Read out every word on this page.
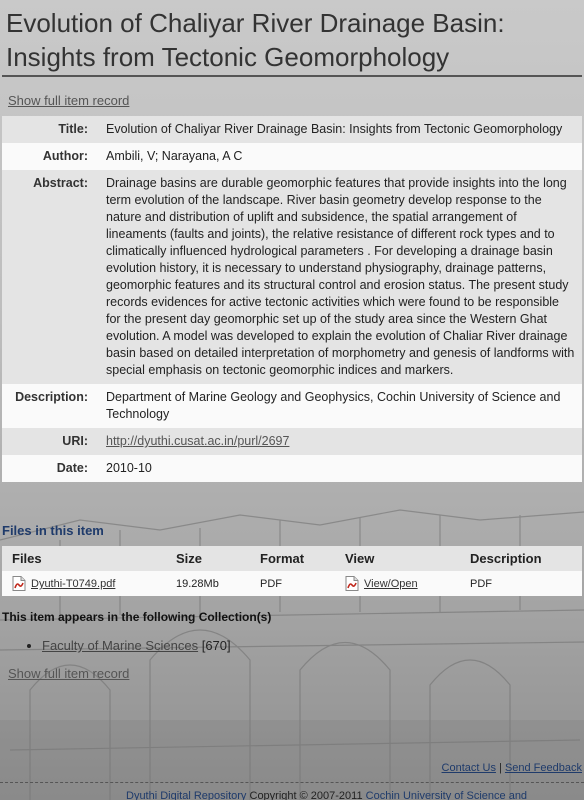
Evolution of Chaliyar River Drainage Basin: Insights from Tectonic Geomorphology
Show full item record
Title:	Evolution of Chaliyar River Drainage Basin: Insights from Tectonic Geomorphology
Author:	Ambili, V; Narayana, A C
Abstract:	Drainage basins are durable geomorphic features that provide insights into the long term evolution of the landscape. River basin geometry develop response to the nature and distribution of uplift and subsidence, the spatial arrangement of lineaments (faults and joints), the relative resistance of different rock types and to climatically influenced hydrological parameters . For developing a drainage basin evolution history, it is necessary to understand physiography, drainage patterns, geomorphic features and its structural control and erosion status. The present study records evidences for active tectonic activities which were found to be responsible for the present day geomorphic set up of the study area since the Western Ghat evolution. A model was developed to explain the evolution of Chaliar River drainage basin based on detailed interpretation of morphometry and genesis of landforms with special emphasis on tectonic geomorphic indices and markers.
Description:	Department of Marine Geology and Geophysics, Cochin University of Science and Technology
URI:	http://dyuthi.cusat.ac.in/purl/2697
Date:	2010-10
Files in this item
Files	Size	Format	View	Description
Dyuthi-T0749.pdf	19.28Mb	PDF	View/Open	PDF
This item appears in the following Collection(s)
• Faculty of Marine Sciences [670]
Show full item record
Contact Us | Send Feedback
Dyuthi Digital Repository Copyright © 2007-2011 Cochin University of Science and
